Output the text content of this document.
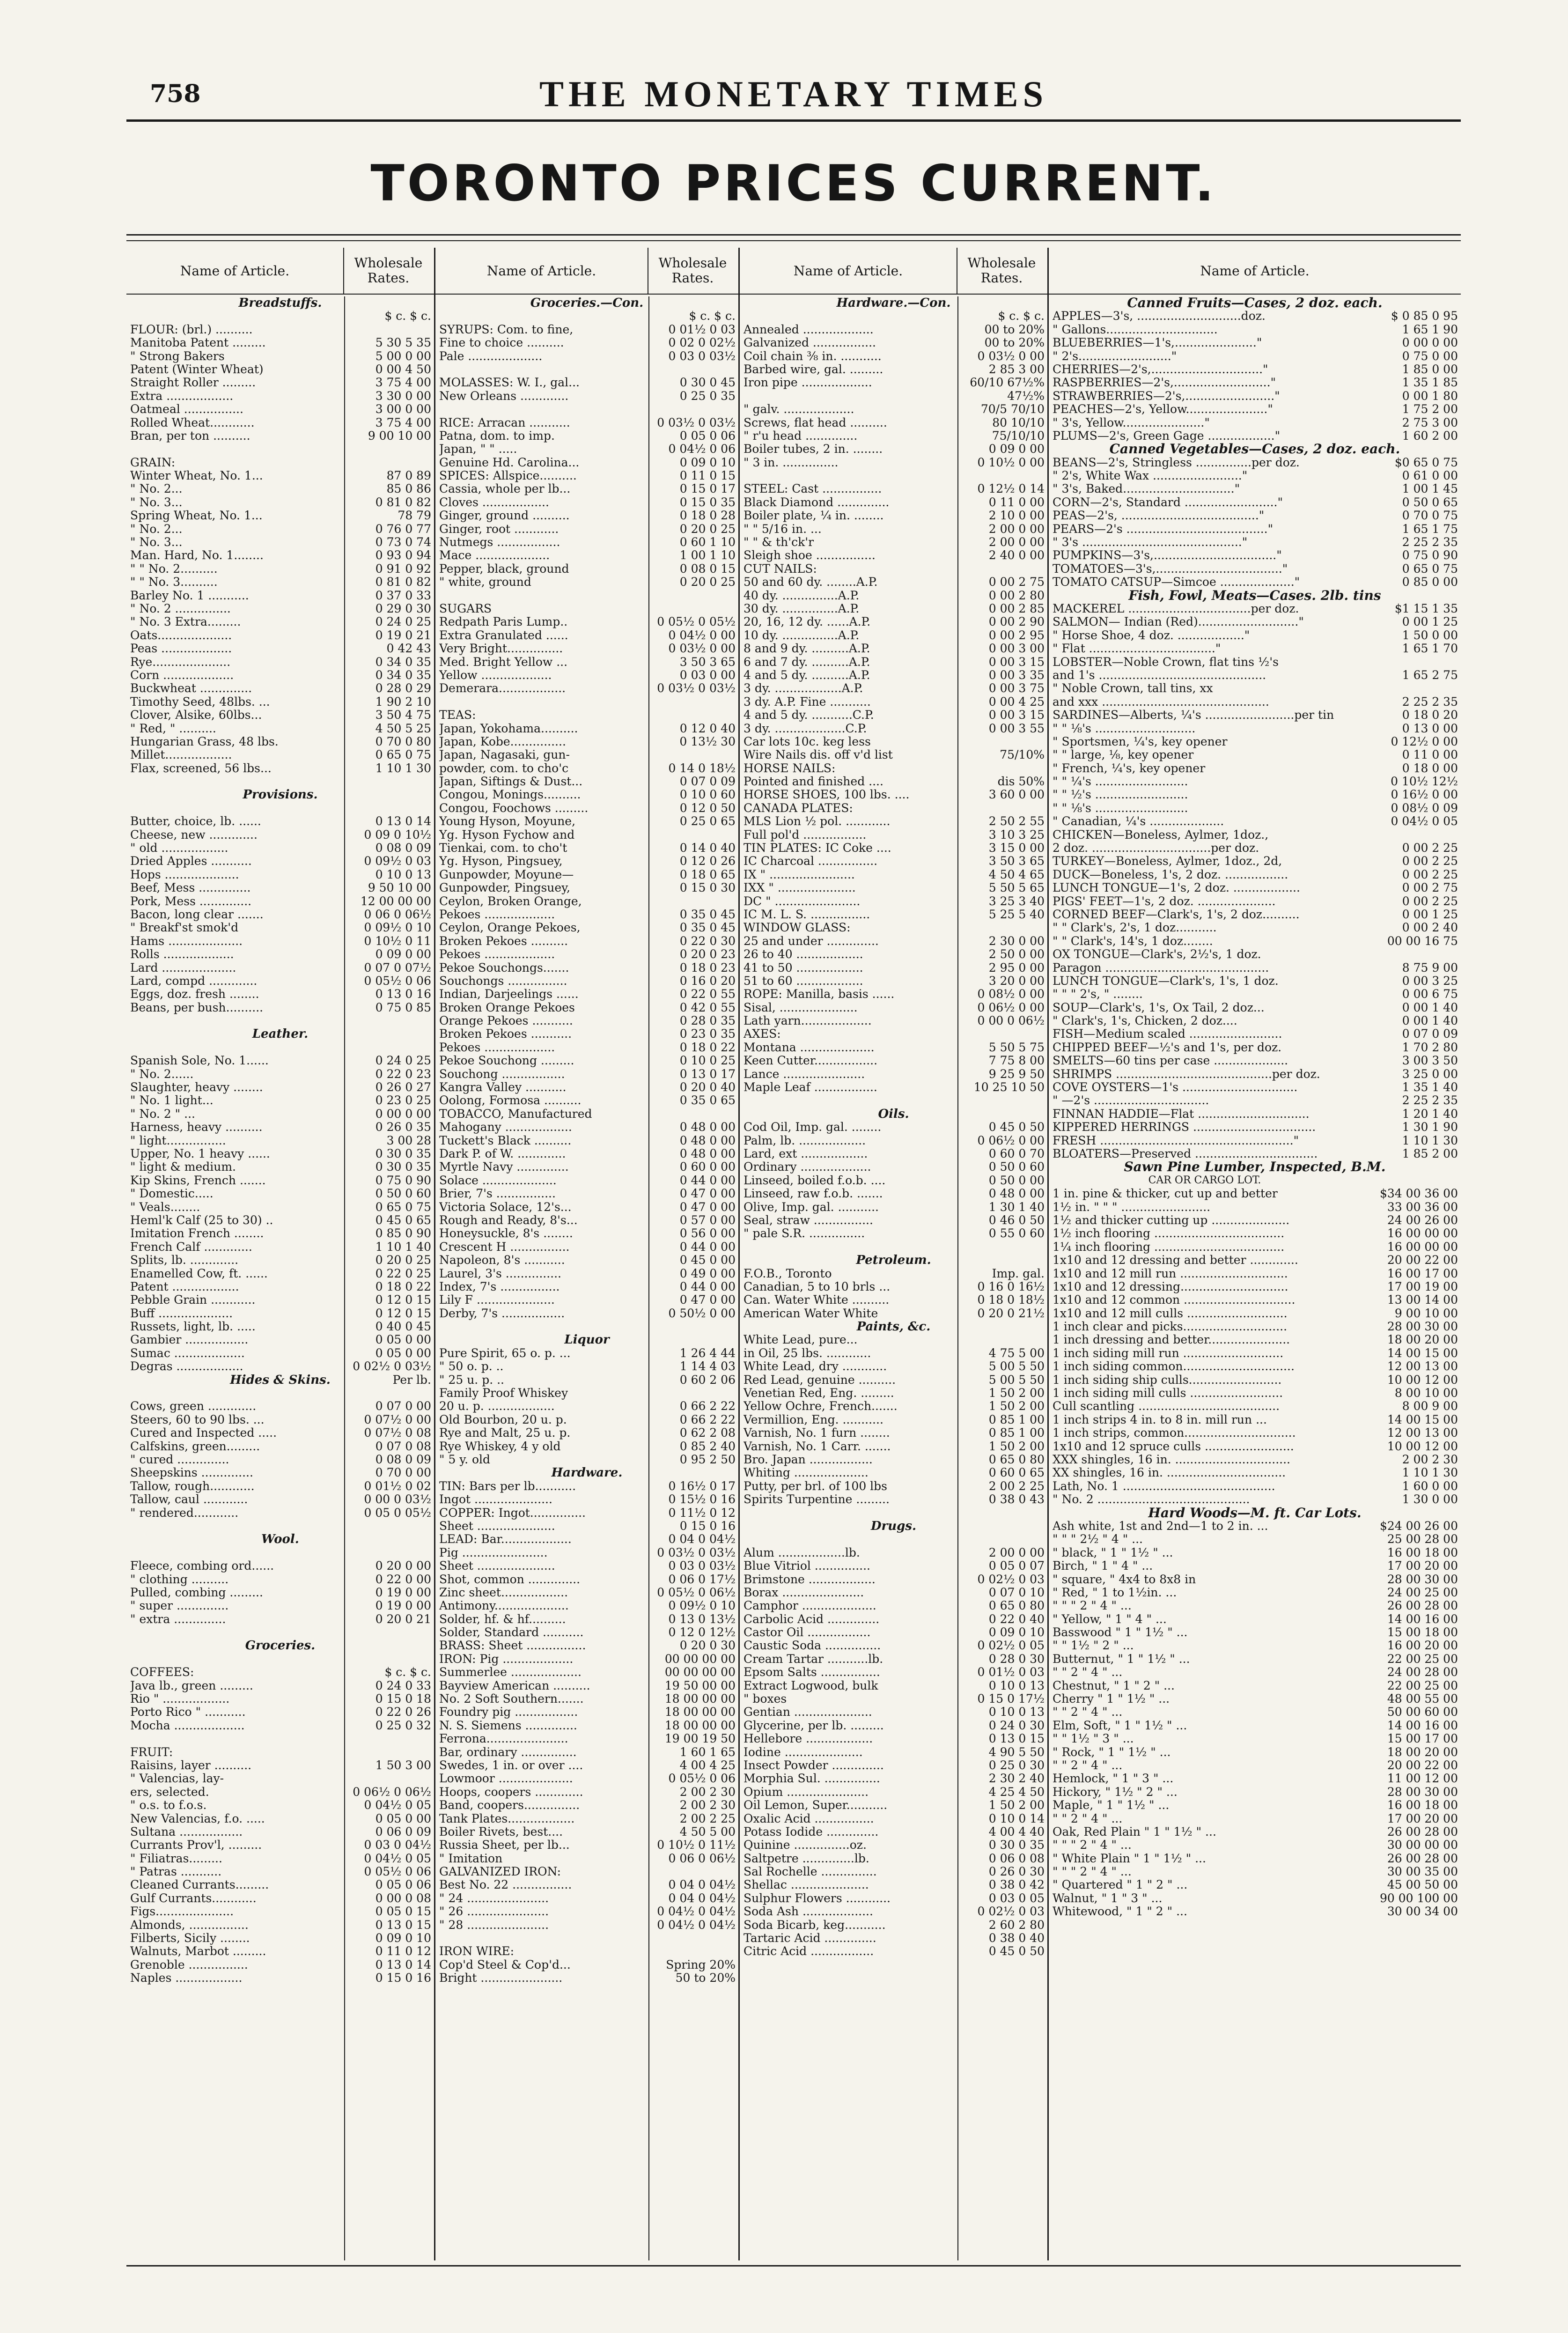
758	THE MONETARY TIMES
TORONTO PRICES CURRENT.
Name of Article.	Wholesale Rates.
Breadstuffs.
$ c. $ c.
FLOUR: (brl.) ..........
Manitoba Patent .........	5 30 5 35
" Strong Bakers	5 00 0 00
Patent (Winter Wheat)	0 00 4 50
Straight Roller .........	3 75 4 00
Extra ..................	3 30 0 00
Oatmeal ................	3 00 0 00
Rolled Wheat............	3 75 4 00
Bran, per ton ..........	9 00 10 00
GRAIN:
Winter Wheat, No. 1...	87 0 89
" No. 2...	85 0 86
" No. 3...	0 81 0 82
Spring Wheat, No. 1...	78 79
" No. 2...	0 76 0 77
" No. 3...	0 73 0 74
Man. Hard, No. 1........	0 93 0 94
" " No. 2..........	0 91 0 92
" " No. 3..........	0 81 0 82
Barley No. 1 ...........	0 37 0 33
" No. 2 ...............	0 29 0 30
" No. 3 Extra.........	0 24 0 25
Oats....................	0 19 0 21
Peas ...................	0 42 43
Rye.....................	0 34 0 35
Corn ...................	0 34 0 35
Buckwheat ..............	0 28 0 29
Timothy Seed, 48lbs. ...	1 90 2 10
Clover, Alsike, 60lbs...	3 50 4 75
" Red, " ..........	4 50 5 25
Hungarian Grass, 48 lbs.	0 70 0 80
Millet..................	0 65 0 75
Flax, screened, 56 lbs...	1 10 1 30
Provisions.
Butter, choice, lb. ......	0 13 0 14
Cheese, new .............	0 09 0 10½
" old ..................	0 08 0 09
Dried Apples ...........	0 09½ 0 03
Hops ....................	0 10 0 13
Beef, Mess ..............	9 50 10 00
Pork, Mess ..............	12 00 00 00
Bacon, long clear .......	0 06 0 06½
" Breakf'st smok'd	0 09½ 0 10
Hams ....................	0 10½ 0 11
Rolls ...................	0 09 0 00
Lard ....................	0 07 0 07½
Lard, compd .............	0 05½ 0 06
Eggs, doz. fresh ........	0 13 0 16
Beans, per bush..........	0 75 0 85
Leather.
Spanish Sole, No. 1......	0 24 0 25
" No. 2......	0 22 0 23
Slaughter, heavy ........	0 26 0 27
" No. 1 light...	0 23 0 25
" No. 2 " ...	0 00 0 00
Harness, heavy ..........	0 26 0 35
" light................	3 00 28
Upper, No. 1 heavy ......	0 30 0 35
" light & medium.	0 30 0 35
Kip Skins, French .......	0 75 0 90
" Domestic.....	0 50 0 60
" Veals........	0 65 0 75
Heml'k Calf (25 to 30) ..	0 45 0 65
Imitation French ........	0 85 0 90
French Calf .............	1 10 1 40
Splits, lb. .............	0 20 0 25
Enamelled Cow, ft. ......	0 22 0 25
Patent ..................	0 18 0 22
Pebble Grain ............	0 12 0 15
Buff ....................	0 12 0 15
Russets, light, lb. .....	0 40 0 45
Gambier .................	0 05 0 00
Sumac ...................	0 05 0 00
Degras ..................	0 02½ 0 03½
Hides & Skins.	Per lb.
Cows, green .............	0 07 0 00
Steers, 60 to 90 lbs. ...	0 07½ 0 00
Cured and Inspected .....	0 07½ 0 08
Calfskins, green.........	0 07 0 08
" cured ..............	0 08 0 09
Sheepskins ..............	0 70 0 00
Tallow, rough............	0 01½ 0 02
Tallow, caul ............	0 00 0 03½
" rendered............	0 05 0 05½
Wool.
Fleece, combing ord......	0 20 0 00
" clothing ..........	0 22 0 00
Pulled, combing .........	0 19 0 00
" super ..............	0 19 0 00
" extra ..............	0 20 0 21
Groceries.
COFFEES:	$ c. $ c.
Java lb., green .........	0 24 0 33
Rio " ..................	0 15 0 18
Porto Rico " ...........	0 22 0 26
Mocha ...................	0 25 0 32
FRUIT:
Raisins, layer ..........	1 50 3 00
" Valencias, lay-
ers, selected.	0 06½ 0 06½
" o.s. to f.o.s.	0 04½ 0 05
New Valencias, f.o. .....	0 05 0 00
Sultana .................	0 06 0 09
Currants Prov'l, .........	0 03 0 04½
" Filiatras.........	0 04½ 0 05
" Patras ...........	0 05½ 0 06
Cleaned Currants.........	0 05 0 06
Gulf Currants............	0 00 0 08
Figs.....................	0 05 0 15
Almonds, ................	0 13 0 15
Filberts, Sicily ........	0 09 0 10
Walnuts, Marbot .........	0 11 0 12
Grenoble ................	0 13 0 14
Naples ..................	0 15 0 16
Name of Article.	Wholesale Rates.
Groceries.—Con.
$ c. $ c.
SYRUPS: Com. to fine,	0 01½ 0 03
Fine to choice ..........	0 02 0 02½
Pale ....................	0 03 0 03½
MOLASSES: W. I., gal...	0 30 0 45
New Orleans .............	0 25 0 35
RICE: Arracan ...........	0 03½ 0 03½
Patna, dom. to imp.	0 05 0 06
Japan, " " .....	0 04½ 0 06
Genuine Hd. Carolina...	0 09 0 10
SPICES: Allspice..........	0 11 0 15
Cassia, whole per lb...	0 15 0 17
Cloves ..................	0 15 0 35
Ginger, ground ..........	0 18 0 28
Ginger, root ............	0 20 0 25
Nutmegs .................	0 60 1 10
Mace ....................	1 00 1 10
Pepper, black, ground	0 08 0 15
" white, ground	0 20 0 25
SUGARS
Redpath Paris Lump..	0 05½ 0 05½
Extra Granulated ......	0 04½ 0 00
Very Bright...............	0 03½ 0 00
Med. Bright Yellow ...	3 50 3 65
Yellow ...................	0 03 0 00
Demerara..................	0 03½ 0 03½
TEAS:
Japan, Yokohama..........	0 12 0 40
Japan, Kobe...............	0 13½ 30
Japan, Nagasaki, gun-
powder, com. to cho'c	0 14 0 18½
Japan, Siftings & Dust...	0 07 0 09
Congou, Monings..........	0 10 0 60
Congou, Foochows .........	0 12 0 50
Young Hyson, Moyune,	0 25 0 65
Yg. Hyson Fychow and
Tienkai, com. to cho't	0 14 0 40
Yg. Hyson, Pingsuey,	0 12 0 26
Gunpowder, Moyune—	0 18 0 65
Gunpowder, Pingsuey,	0 15 0 30
Ceylon, Broken Orange,
Pekoes ...................	0 35 0 45
Ceylon, Orange Pekoes,	0 35 0 45
Broken Pekoes ..........	0 22 0 30
Pekoes ...................	0 20 0 23
Pekoe Souchongs.......	0 18 0 23
Souchongs ................	0 16 0 20
Indian, Darjeelings ......	0 22 0 55
Broken Orange Pekoes	0 42 0 55
Orange Pekoes ...........	0 28 0 35
Broken Pekoes ...........	0 23 0 35
Pekoes ...................	0 18 0 22
Pekoe Souchong .........	0 10 0 25
Souchong .................	0 13 0 17
Kangra Valley ...........	0 20 0 40
Oolong, Formosa ..........	0 35 0 65
TOBACCO, Manufactured
Mahogany ..................	0 48 0 00
Tuckett's Black ..........	0 48 0 00
Dark P. of W. .............	0 48 0 00
Myrtle Navy ..............	0 60 0 00
Solace ....................	0 44 0 00
Brier, 7's ................	0 47 0 00
Victoria Solace, 12's...	0 47 0 00
Rough and Ready, 8's...	0 57 0 00
Honeysuckle, 8's ........	0 56 0 00
Crescent H ................	0 44 0 00
Napoleon, 8's ...........	0 45 0 00
Laurel, 3's ...............	0 49 0 00
Index, 7's ................	0 44 0 00
Lily F .....................	0 47 0 00
Derby, 7's .................	0 50½ 0 00
Liquor
Pure Spirit, 65 o. p. ...	1 26 4 44
" 50 o. p. ..	1 14 4 03
" 25 u. p. ..	0 60 2 06
Family Proof Whiskey
20 u. p. ..................	0 66 2 22
Old Bourbon, 20 u. p.	0 66 2 22
Rye and Malt, 25 u. p.	0 62 2 08
Rye Whiskey, 4 y old	0 85 2 40
" 5 y. old	0 95 2 50
Hardware.
TIN: Bars per lb...........	0 16½ 0 17
Ingot .....................	0 15½ 0 16
COPPER: Ingot...............	0 11½ 0 12
Sheet .....................	0 15 0 16
LEAD: Bar...................	0 04 0 04½
Pig .......................	0 03½ 0 03½
Sheet .....................	0 03 0 03½
Shot, common ..............	0 06 0 17½
Zinc sheet..................	0 05½ 0 06½
Antimony....................	0 09½ 0 10
Solder, hf. & hf..........	0 13 0 13½
Solder, Standard ...........	0 12 0 12½
BRASS: Sheet ................	0 20 0 30
IRON: Pig ...................	00 00 00 00
Summerlee ...................	00 00 00 00
Bayview American ..........	19 50 00 00
No. 2 Soft Southern.......	18 00 00 00
Foundry pig .................	18 00 00 00
N. S. Siemens ..............	18 00 00 00
Ferrona......................	19 00 19 50
Bar, ordinary ...............	1 60 1 65
Swedes, 1 in. or over ....	4 00 4 25
Lowmoor ....................	0 05½ 0 06
Hoops, coopers .............	2 00 2 30
Band, coopers...............	2 00 2 30
Tank Plates..................	2 00 2 25
Boiler Rivets, best....	4 50 5 00
Russia Sheet, per lb...	0 10½ 0 11½
" Imitation	0 06 0 06½
GALVANIZED IRON:
Best No. 22 ................	0 04 0 04½
" 24 ......................	0 04 0 04½
" 26 ......................	0 04½ 0 04½
" 28 ......................	0 04½ 0 04½
IRON WIRE:
Cop'd Steel & Cop'd...	Spring 20%
Bright ......................	50 to 20%
Name of Article.	Wholesale Rates.
Hardware.—Con.
$ c. $ c.
Annealed ...................	00 to 20%
Galvanized .................	00 to 20%
Coil chain ⅜ in. ...........	0 03½ 0 00
Barbed wire, gal. .........	2 85 3 00
Iron pipe ...................	60/10 67½%
47½%
" galv. ...................	70/5 70/10
Screws, flat head ..........	80 10/10
" r'u head ..............	75/10/10
Boiler tubes, 2 in. ........	0 09 0 00
" 3 in. ...............	0 10½ 0 00
STEEL: Cast ................	0 12½ 0 14
Black Diamond ..............	0 11 0 00
Boiler plate, ¼ in. ........	2 10 0 00
" " 5/16 in. ...	2 00 0 00
" " & th'ck'r	2 00 0 00
Sleigh shoe ................	2 40 0 00
CUT NAILS:
50 and 60 dy. ........A.P.	0 00 2 75
40 dy. ...............A.P.	0 00 2 80
30 dy. ...............A.P.	0 00 2 85
20, 16, 12 dy. ......A.P.	0 00 2 90
10 dy. ...............A.P.	0 00 2 95
8 and 9 dy. ..........A.P.	0 00 3 00
6 and 7 dy. ..........A.P.	0 00 3 15
4 and 5 dy. ..........A.P.	0 00 3 35
3 dy. ..................A.P.	0 00 3 75
3 dy. A.P. Fine ...........	0 00 4 25
4 and 5 dy. ...........C.P.	0 00 3 15
3 dy. ...................C.P.	0 00 3 55
Car lots 10c. keg less
Wire Nails dis. off v'd list	75/10%
HORSE NAILS:
Pointed and finished ....	dis 50%
HORSE SHOES, 100 lbs. ....	3 60 0 00
CANADA PLATES:
MLS Lion ½ pol. ............	2 50 2 55
Full pol'd .................	3 10 3 25
TIN PLATES: IC Coke ....	3 15 0 00
IC Charcoal ................	3 50 3 65
IX " .......................	4 50 4 65
IXX " .....................	5 50 5 65
DC " .......................	3 25 3 40
IC M. L. S. ................	5 25 5 40
WINDOW GLASS:
25 and under ..............	2 30 0 00
26 to 40 ..................	2 50 0 00
41 to 50 ..................	2 95 0 00
51 to 60 ..................	3 20 0 00
ROPE: Manilla, basis ......	0 08½ 0 00
Sisal, .....................	0 06½ 0 00
Lath yarn...................	0 00 0 06½
AXES:
Montana ....................	5 50 5 75
Keen Cutter.................	7 75 8 00
Lance ......................	9 25 9 50
Maple Leaf .................	10 25 10 50
Oils.
Cod Oil, Imp. gal. ........	0 45 0 50
Palm, lb. ..................	0 06½ 0 00
Lard, ext ..................	0 60 0 70
Ordinary ...................	0 50 0 60
Linseed, boiled f.o.b. ....	0 50 0 00
Linseed, raw f.o.b. .......	0 48 0 00
Olive, Imp. gal. ...........	1 30 1 40
Seal, straw ................	0 46 0 50
" pale S.R. ...............	0 55 0 60
Petroleum.
F.O.B., Toronto	Imp. gal.
Canadian, 5 to 10 brls ...	0 16 0 16½
Can. Water White ..........	0 18 0 18½
American Water White	0 20 0 21½
Paints, &c.
White Lead, pure...
in Oil, 25 lbs. ............	4 75 5 00
White Lead, dry ............	5 00 5 50
Red Lead, genuine ..........	5 00 5 50
Venetian Red, Eng. .........	1 50 2 00
Yellow Ochre, French.......	1 50 2 00
Vermillion, Eng. ...........	0 85 1 00
Varnish, No. 1 furn ........	0 85 1 00
Varnish, No. 1 Carr. .......	1 50 2 00
Bro. Japan .................	0 65 0 80
Whiting ....................	0 60 0 65
Putty, per brl. of 100 lbs	2 00 2 25
Spirits Turpentine .........	0 38 0 43
Drugs.
Alum ..................lb.	2 00 0 00
Blue Vitriol ...............	0 05 0 07
Brimstone ..................	0 02½ 0 03
Borax ......................	0 07 0 10
Camphor ....................	0 65 0 80
Carbolic Acid ..............	0 22 0 40
Castor Oil .................	0 09 0 10
Caustic Soda ...............	0 02½ 0 05
Cream Tartar ...........lb.	0 28 0 30
Epsom Salts ................	0 01½ 0 03
Extract Logwood, bulk	0 10 0 13
" boxes	0 15 0 17½
Gentian .....................	0 10 0 13
Glycerine, per lb. .........	0 24 0 30
Hellebore ..................	0 13 0 15
Iodine .....................	4 90 5 50
Insect Powder ..............	0 25 0 30
Morphia Sul. ...............	2 30 2 40
Opium ......................	4 25 4 50
Oil Lemon, Super...........	1 50 2 00
Oxalic Acid ................	0 10 0 14
Potass Iodide ..............	4 00 4 40
Quinine ...............oz.	0 30 0 35
Saltpetre ..............lb.	0 06 0 08
Sal Rochelle ...............	0 26 0 30
Shellac .....................	0 38 0 42
Sulphur Flowers ............	0 03 0 05
Soda Ash ...................	0 02½ 0 03
Soda Bicarb, keg...........	2 60 2 80
Tartaric Acid ..............	0 38 0 40
Citric Acid .................	0 45 0 50
Name of Article.
Canned Fruits—Cases, 2 doz. each.
APPLES—3's, ............................doz.	$ 0 85 0 95
" Gallons..............................	1 65 1 90
BLUEBERRIES—1's,......................"	0 00 0 00
" 2's........................."	0 75 0 00
CHERRIES—2's,.............................."	1 85 0 00
RASPBERRIES—2's,.........................."	1 35 1 85
STRAWBERRIES—2's,........................"	0 00 1 80
PEACHES—2's, Yellow......................"	1 75 2 00
" 3's, Yellow......................"	2 75 3 00
PLUMS—2's, Green Gage .................."	1 60 2 00
Canned Vegetables—Cases, 2 doz. each.
BEANS—2's, Stringless ...............per doz.	$0 65 0 75
" 2's, White Wax ........................"	0 61 0 00
" 3's, Baked.............................."	1 00 1 45
CORN—2's, Standard ........................."	0 50 0 65
PEAS—2's, ....................................."	0 70 0 75
PEARS—2's ......................................"	1 65 1 75
" 3's ..........................................."	2 25 2 35
PUMPKINS—3's,................................."	0 75 0 90
TOMATOES—3's,.................................."	0 65 0 75
TOMATO CATSUP—Simcoe ...................."	0 85 0 00
Fish, Fowl, Meats—Cases. 2lb. tins
MACKEREL .................................per doz.	$1 15 1 35
SALMON— Indian (Red)..........................."	0 00 1 25
" Horse Shoe, 4 doz. .................."	1 50 0 00
" Flat .................................."	1 65 1 70
LOBSTER—Noble Crown, flat tins ½'s
and 1's .............................................	1 65 2 75
" Noble Crown, tall tins, xx
and xxx .............................................	2 25 2 35
SARDINES—Alberts, ¼'s ........................per tin	0 18 0 20
" " ⅛'s ...........................	0 13 0 00
" Sportsmen, ¼'s, key opener	0 12½ 0 00
" " large, ⅛, key opener	0 11 0 00
" French, ¼'s, key opener	0 18 0 00
" " ¼'s .........................	0 10½ 12½
" " ½'s .........................	0 16½ 0 00
" " ⅛'s .........................	0 08½ 0 09
" Canadian, ¼'s ....................	0 04½ 0 05
CHICKEN—Boneless, Aylmer, 1doz.,
2 doz. ................................per doz.	0 00 2 25
TURKEY—Boneless, Aylmer, 1doz., 2d,	0 00 2 25
DUCK—Boneless, 1's, 2 doz. .................	0 00 2 25
LUNCH TONGUE—1's, 2 doz. ..................	0 00 2 75
PIGS' FEET—1's, 2 doz. .....................	0 00 2 25
CORNED BEEF—Clark's, 1's, 2 doz..........	0 00 1 25
" " Clark's, 2's, 1 doz...........	0 00 2 40
" " Clark's, 14's, 1 doz........	00 00 16 75
OX TONGUE—Clark's, 2½'s, 1 doz.
Paragon ............................................	8 75 9 00
LUNCH TONGUE—Clark's, 1's, 1 doz.	0 00 3 25
" " " 2's, " ........	0 00 6 75
SOUP—Clark's, 1's, Ox Tail, 2 doz...	0 00 1 40
" Clark's, 1's, Chicken, 2 doz....	0 00 1 40
FISH—Medium scaled .........................	0 07 0 09
CHIPPED BEEF—½'s and 1's, per doz.	1 70 2 80
SMELTS—60 tins per case ....................	3 00 3 50
SHRIMPS ..........................................per doz.	3 25 0 00
COVE OYSTERS—1's ...............................	1 35 1 40
" —2's ...............................	2 25 2 35
FINNAN HADDIE—Flat ..............................	1 20 1 40
KIPPERED HERRINGS .................................	1 30 1 90
FRESH ...................................................."	1 10 1 30
BLOATERS—Preserved .................................	1 85 2 00
Sawn Pine Lumber, Inspected, B.M.
CAR OR CARGO LOT.
1 in. pine & thicker, cut up and better	$34 00 36 00
1½ in. " " " ........................	33 00 36 00
1½ and thicker cutting up .....................	24 00 26 00
1½ inch flooring ...................................	16 00 00 00
1¼ inch flooring ...................................	16 00 00 00
1x10 and 12 dressing and better .............	20 00 22 00
1x10 and 12 mill run .............................	16 00 17 00
1x10 and 12 dressing.............................	17 00 19 00
1x10 and 12 common ..............................	13 00 14 00
1x10 and 12 mill culls ...........................	9 00 10 00
1 inch clear and picks............................	28 00 30 00
1 inch dressing and better......................	18 00 20 00
1 inch siding mill run ...........................	14 00 15 00
1 inch siding common..............................	12 00 13 00
1 inch siding ship culls.........................	10 00 12 00
1 inch siding mill culls .........................	8 00 10 00
Cull scantling ......................................	8 00 9 00
1 inch strips 4 in. to 8 in. mill run ...	14 00 15 00
1 inch strips, common..............................	12 00 13 00
1x10 and 12 spruce culls ........................	10 00 12 00
XXX shingles, 16 in. ...............................	2 00 2 30
XX shingles, 16 in. ................................	1 10 1 30
Lath, No. 1 .........................................	1 60 0 00
" No. 2 .........................................	1 30 0 00
Hard Woods—M. ft. Car Lots.
Ash white, 1st and 2nd—1 to 2 in. ...	$24 00 26 00
" " " 2½ " 4 " ...	25 00 28 00
" black, " 1 " 1½ " ...	16 00 18 00
Birch, " 1 " 4 " ...	17 00 20 00
" square, " 4x4 to 8x8 in	28 00 30 00
" Red, " 1 to 1½in. ...	24 00 25 00
" " " 2 " 4 " ...	26 00 28 00
" Yellow, " 1 " 4 " ...	14 00 16 00
Basswood " 1 " 1½ " ...	15 00 18 00
" " 1½ " 2 " ...	16 00 20 00
Butternut, " 1 " 1½ " ...	22 00 25 00
" " 2 " 4 " ...	24 00 28 00
Chestnut, " 1 " 2 " ...	22 00 25 00
Cherry " 1 " 1½ " ...	48 00 55 00
" " 2 " 4 " ...	50 00 60 00
Elm, Soft, " 1 " 1½ " ...	14 00 16 00
" " 1½ " 3 " ...	15 00 17 00
" Rock, " 1 " 1½ " ...	18 00 20 00
" " 2 " 4 " ...	20 00 22 00
Hemlock, " 1 " 3 " ...	11 00 12 00
Hickory, " 1½ " 2 " ...	28 00 30 00
Maple, " 1 " 1½ " ...	16 00 18 00
" " 2 " 4 " ...	17 00 20 00
Oak, Red Plain " 1 " 1½ " ...	26 00 28 00
" " " 2 " 4 " ...	30 00 00 00
" White Plain " 1 " 1½ " ...	26 00 28 00
" " " 2 " 4 " ...	30 00 35 00
" Quartered " 1 " 2 " ...	45 00 50 00
Walnut, " 1 " 3 " ...	90 00 100 00
Whitewood, " 1 " 2 " ...	30 00 34 00
